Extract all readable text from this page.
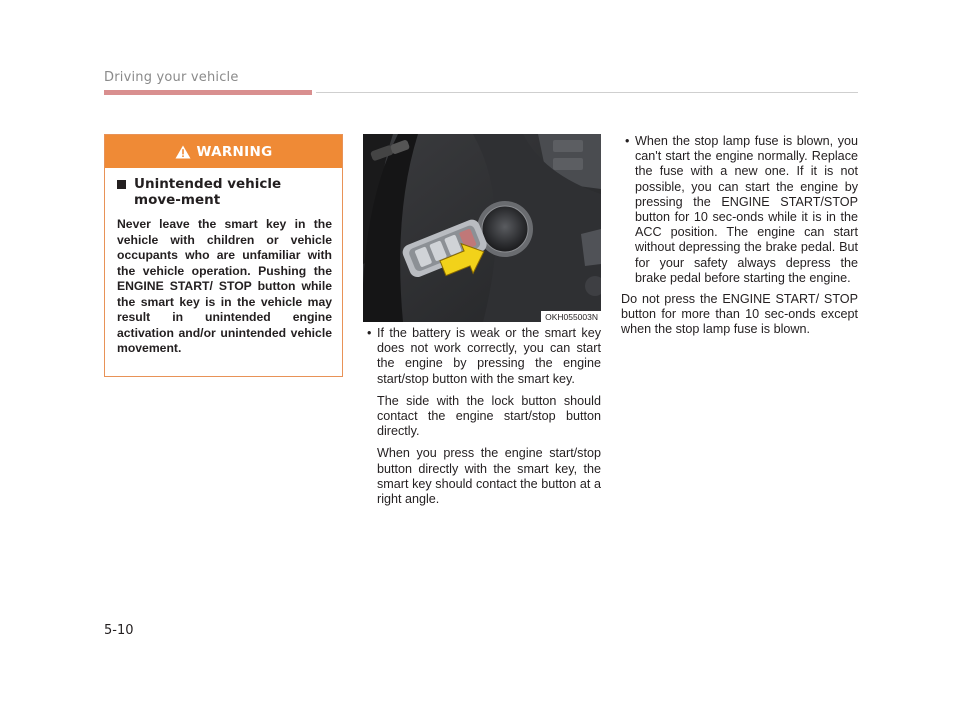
Driving your vehicle
WARNING
Unintended vehicle move-ment

Never leave the smart key in the vehicle with children or vehicle occupants who are unfamiliar with the vehicle operation. Pushing the ENGINE START/ STOP button while the smart key is in the vehicle may result in unintended engine activation and/or unintended vehicle movement.

OKH055003N

• If the battery is weak or the smart key does not work correctly, you can start the engine by pressing the engine start/stop button with the smart key.

The side with the lock button should contact the engine start/stop button directly.

When you press the engine start/stop button directly with the smart key, the smart key should contact the button at a right angle.

• When the stop lamp fuse is blown, you can't start the engine normally. Replace the fuse with a new one. If it is not possible, you can start the engine by pressing the ENGINE START/STOP button for 10 sec-onds while it is in the ACC position. The engine can start without depressing the brake pedal. But for your safety always depress the brake pedal before starting the engine.

Do not press the ENGINE START/ STOP button for more than 10 sec-onds except when the stop lamp fuse is blown.

5-10
